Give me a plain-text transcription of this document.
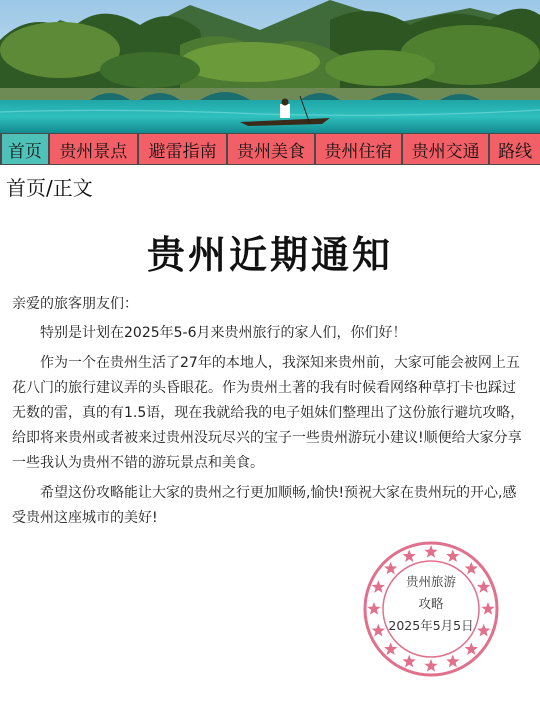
首页	贵州景点	避雷指南	贵州美食	贵州住宿	贵州交通	路线
首页/正文
贵州近期通知

亲爱的旅客朋友们：

特别是计划在2025年5-6月来贵州旅行的家人们，你们好！

作为一个在贵州生活了27年的本地人，我深知来贵州前，大家可能会被网上五花八门的旅行建议弄的头昏眼花。作为贵州土著的我有时候看网络种草打卡也踩过无数的雷，真的有1.5语，现在我就给我的电子姐妹们整理出了这份旅行避坑攻略，给即将来贵州或者被来过贵州没玩尽兴的宝子一些贵州游玩小建议!顺便给大家分享一些我认为贵州不错的游玩景点和美食。

希望这份攻略能让大家的贵州之行更加顺畅,愉快!预祝大家在贵州玩的开心,感受贵州这座城市的美好!

贵州旅游
攻略
2025年5月5日
